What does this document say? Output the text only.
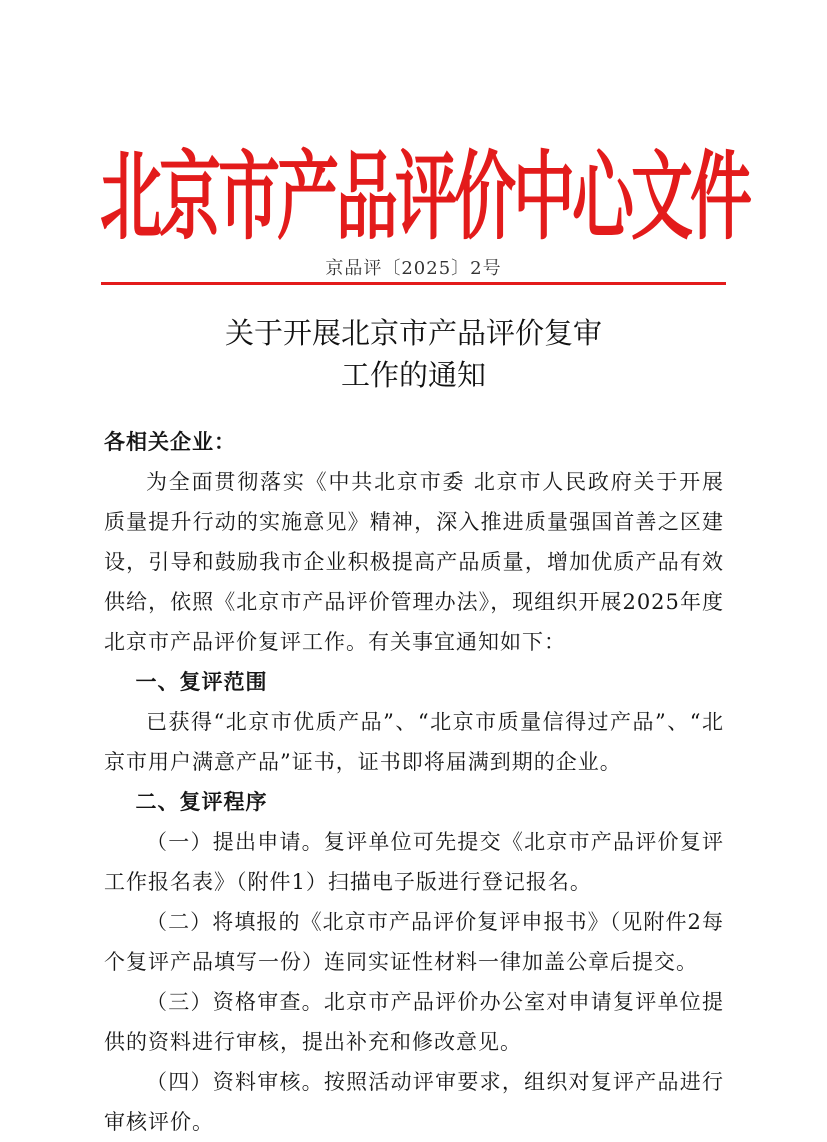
北京市产品评价中心文件
京品评〔2025〕2号
关于开展北京市产品评价复审
工作的通知

各相关企业：

为全面贯彻落实《中共北京市委 北京市人民政府关于开展质量提升行动的实施意见》精神，深入推进质量强国首善之区建设，引导和鼓励我市企业积极提高产品质量，增加优质产品有效供给，依照《北京市产品评价管理办法》，现组织开展2025年度北京市产品评价复评工作。有关事宜通知如下：

一、复评范围

已获得“北京市优质产品”、“北京市质量信得过产品”、“北京市用户满意产品”证书，证书即将届满到期的企业。

二、复评程序

（一）提出申请。复评单位可先提交《北京市产品评价复评工作报名表》（附件1）扫描电子版进行登记报名。

（二）将填报的《北京市产品评价复评申报书》（见附件2每个复评产品填写一份）连同实证性材料一律加盖公章后提交。

（三）资格审查。北京市产品评价办公室对申请复评单位提供的资料进行审核，提出补充和修改意见。

（四）资料审核。按照活动评审要求，组织对复评产品进行审核评价。
